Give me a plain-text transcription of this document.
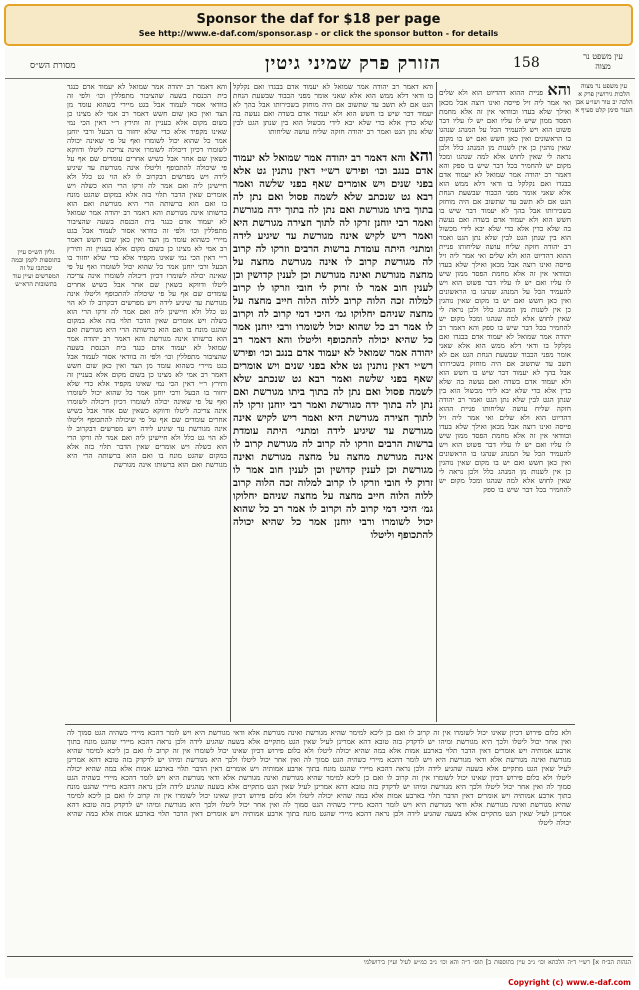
Sponsor the daf for $18 per page
See http://www.e-daf.com/sponsor.asp - or click the sponsor button - for details
מסורת הש״ס	הזורק פרק שמיני גיטין	158	עין משפט נר מצוה
גליון הש״ס עיין בתוספות לקמן ובמה שכתבו על זה המפרשים ועיין עוד בתשובות הרא״ש
והא דאמר רב יהודה אמר שמואל לא יעמוד אדם כנגד בית הכנסת בשעה שהציבור מתפללין וכו׳ ולפי זה בוודאי אסור לעמוד אבל בגט מיירי כשהוא עומד מן הצד ואין כאן שום חשש דאמר רב אמי לא מצינו כן בשום מקום אלא בעניין זה ותירץ ר״י דאין הכי נמי שאינו מקפיד אלא כדי שלא יחזור בו הבעל ורבי יוחנן אמר כל שהוא יכול לשומרו ואף על פי שאינה יכולה לשומרו דכיון דיכולה לשומרו אינה צריכה ליטלו ודווקא כשאין שם אחר אבל כשיש אחרים עומדים שם אף על פי שיכולה להתכופף וליטלו אינה מגורשת עד שיגיע לידה ויש מפרשים דבקרוב לו לא הוי גט כלל ולא חיישינן ליה ואם אמר לה זרקו הרי הוא כשלה ויש אומרים שאין הדבר תלוי בזה אלא במקום שהגט מונח בו ואם הוא ברשותה הרי היא מגורשת ואם הוא ברשותו אינה מגורשת והא דאמר רב יהודה אמר שמואל לא יעמוד אדם כנגד בית הכנסת בשעה שהציבור מתפללין וכו׳ ולפי זה בוודאי אסור לעמוד אבל בגט מיירי כשהוא עומד מן הצד ואין כאן שום חשש דאמר רב אמי לא מצינו כן בשום מקום אלא בעניין זה ותירץ ר״י דאין הכי נמי שאינו מקפיד אלא כדי שלא יחזור בו הבעל ורבי יוחנן אמר כל שהוא יכול לשומרו ואף על פי שאינה יכולה לשומרו דכיון דיכולה לשומרו אינה צריכה ליטלו ודווקא כשאין שם אחר אבל כשיש אחרים עומדים שם אף על פי שיכולה להתכופף וליטלו אינה מגורשת עד שיגיע לידה ויש מפרשים דבקרוב לו לא הוי גט כלל ולא חיישינן ליה ואם אמר לה זרקו הרי הוא כשלה ויש אומרים שאין הדבר תלוי בזה אלא במקום שהגט מונח בו ואם הוא ברשותה הרי היא מגורשת ואם הוא ברשותו אינה מגורשת והא דאמר רב יהודה אמר שמואל לא יעמוד אדם כנגד בית הכנסת בשעה שהציבור מתפללין וכו׳ ולפי זה בוודאי אסור לעמוד אבל בגט מיירי כשהוא עומד מן הצד ואין כאן שום חשש דאמר רב אמי לא מצינו כן בשום מקום אלא בעניין זה ותירץ ר״י דאין הכי נמי שאינו מקפיד אלא כדי שלא יחזור בו הבעל ורבי יוחנן אמר כל שהוא יכול לשומרו ואף על פי שאינה יכולה לשומרו דכיון דיכולה לשומרו אינה צריכה ליטלו ודווקא כשאין שם אחר אבל כשיש אחרים עומדים שם אף על פי שיכולה להתכופף וליטלו אינה מגורשת עד שיגיע לידה ויש מפרשים דבקרוב לו לא הוי גט כלל ולא חיישינן ליה ואם אמר לה זרקו הרי הוא כשלה ויש אומרים שאין הדבר תלוי בזה אלא במקום שהגט מונח בו ואם הוא ברשותה הרי היא מגורשת ואם הוא ברשותו אינה מגורשת
והא והא דאמר רב יהודה אמר שמואל לא יעמוד אדם בנגב וכו׳ ופירש רש״י דאין נותנין גט אלא בפני שנים ויש אומרים שאף בפני שלשה ואמר רבא גט שנכתב שלא לשמה פסול ואם נתן לה בתוך ביתו מגורשת ואם נתן לה בתוך ידה מגורשת ואמר רבי יוחנן זרקו לה לתוך חצירה מגורשת היא ואמר ריש לקיש אינה מגורשת עד שיגיע לידה ומתני׳ היתה עומדת ברשות הרבים וזרקו לה קרוב לה מגורשת קרוב לו אינה מגורשת מחצה על מחצה מגורשת ואינה מגורשת וכן לענין קדושין וכן לענין חוב אמר לו זרוק לי חובי וזרקו לו קרוב למלוה זכה הלוה קרוב ללוה הלוה חייב מחצה על מחצה שניהם יחלוקו גמ׳ היכי דמי קרוב לה וקרוב לו אמר רב כל שהוא יכול לשומרו ורבי יוחנן אמר כל שהיא יכולה להתכופף וליטלו והא דאמר רב יהודה אמר שמואל לא יעמוד אדם בנגב וכו׳ ופירש רש״י דאין נותנין גט אלא בפני שנים ויש אומרים שאף בפני שלשה ואמר רבא גט שנכתב שלא לשמה פסול ואם נתן לה בתוך ביתו מגורשת ואם נתן לה בתוך ידה מגורשת ואמר רבי יוחנן זרקו לה לתוך חצירה מגורשת היא ואמר ריש לקיש אינה מגורשת עד שיגיע לידה ומתני׳ היתה עומדת ברשות הרבים וזרקו לה קרוב לה מגורשת קרוב לו אינה מגורשת מחצה על מחצה מגורשת ואינה מגורשת וכן לענין קדושין וכן לענין חוב אמר לו זרוק לי חובי וזרקו לו קרוב למלוה זכה הלוה קרוב ללוה הלוה חייב מחצה על מחצה שניהם יחלוקו גמ׳ היכי דמי קרוב לה וקרוב לו אמר רב כל שהוא יכול לשומרו ורבי יוחנן אמר כל שהיא יכולה להתכופף וליטלו
והא דאמר רב יהודה אמר שמואל לא יעמוד אדם בבגדו ואם נקלקל בו ודאי דלא ממש הוא אלא שאני אומר מפני הכבוד שבשעת הנחת הגט אם לא תשב עד שתשוב אם היה מוחזק בשכירותו אבל בהך לא יעמוד דבר שיש בו חשש הוא ולא יעמוד אדם בשדה ואם נעשה בה שלא כדין אלא כדי שלא יבא לידי מכשול הוא בין שנתן הגט לבין שלא נתן הגט ואמר רב יהודה חזקה שליח עושה שליחותו
והא פניית ההוא דהדיוט הוא ולא שלים ואי אמר ליה זיל פייסה ואינו רוצה אבל מכאן ואילך שלא בעדו ובוודאי אין זה אלא מחמת הפסד ממון שיש לו עליו ואם יש לו עליו דבר פשוט הוא ויש להעמיד הכל על המנהג שנהגו בו הראשונים ואין כאן חשש ואם יש בו מקום שאין נוהגין כן אין לשנות מן המנהג כלל ולכן נראה לי שאין לחוש אלא למה שנהגו ומכל מקום יש להחמיר בכל דבר שיש בו ספק והא דאמר רב יהודה אמר שמואל לא יעמוד אדם בבגדו ואם נקלקל בו ודאי דלא ממש הוא אלא שאני אומר מפני הכבוד שבשעת הנחת הגט אם לא תשב עד שתשוב אם היה מוחזק בשכירותו אבל בהך לא יעמוד דבר שיש בו חשש הוא ולא יעמוד אדם בשדה ואם נעשה בה שלא כדין אלא כדי שלא יבא לידי מכשול הוא בין שנתן הגט לבין שלא נתן הגט ואמר רב יהודה חזקה שליח עושה שליחותו פניית ההוא דהדיוט הוא ולא שלים ואי אמר ליה זיל פייסה ואינו רוצה אבל מכאן ואילך שלא בעדו ובוודאי אין זה אלא מחמת הפסד ממון שיש לו עליו ואם יש לו עליו דבר פשוט הוא ויש להעמיד הכל על המנהג שנהגו בו הראשונים ואין כאן חשש ואם יש בו מקום שאין נוהגין כן אין לשנות מן המנהג כלל ולכן נראה לי שאין לחוש אלא למה שנהגו ומכל מקום יש להחמיר בכל דבר שיש בו ספק והא דאמר רב יהודה אמר שמואל לא יעמוד אדם בבגדו ואם נקלקל בו ודאי דלא ממש הוא אלא שאני אומר מפני הכבוד שבשעת הנחת הגט אם לא תשב עד שתשוב אם היה מוחזק בשכירותו אבל בהך לא יעמוד דבר שיש בו חשש הוא ולא יעמוד אדם בשדה ואם נעשה בה שלא כדין אלא כדי שלא יבא לידי מכשול הוא בין שנתן הגט לבין שלא נתן הגט ואמר רב יהודה חזקה שליח עושה שליחותו פניית ההוא דהדיוט הוא ולא שלים ואי אמר ליה זיל פייסה ואינו רוצה אבל מכאן ואילך שלא בעדו ובוודאי אין זה אלא מחמת הפסד ממון שיש לו עליו ואם יש לו עליו דבר פשוט הוא ויש להעמיד הכל על המנהג שנהגו בו הראשונים ואין כאן חשש ואם יש בו מקום שאין נוהגין כן אין לשנות מן המנהג כלל ולכן נראה לי שאין לחוש אלא למה שנהגו ומכל מקום יש להחמיר בכל דבר שיש בו ספק
עין משפט נר מצוה הלכות גירושין פרק א הלכה יב טור ושו״ע אבן העזר סימן קלט סעיף א
ולא כלום פירוש דכיון שאינו יכול לשומרו אין זה קרוב לו ואם כן ליכא למימר שהיא מגורשת ואינה מגורשת אלא ודאי מגורשת היא ויש לומר דהכא מיירי כשהיה הגט סמוך לה ואין אחר יכול ליטלו ולכך היא מגורשת ומיהו יש לדקדק בזה טובא דהא אמרינן לעיל שאין הגט מתקיים אלא בשעה שהגיע לידה ולכן נראה דהכא מיירי שהגט מונח בתוך ארבע אמותיה ויש אומרים דאין הדבר תלוי בארבע אמות אלא במה שהיא יכולה ליטלו ולא כלום פירוש דכיון שאינו יכול לשומרו אין זה קרוב לו ואם כן ליכא למימר שהיא מגורשת ואינה מגורשת אלא ודאי מגורשת היא ויש לומר דהכא מיירי כשהיה הגט סמוך לה ואין אחר יכול ליטלו ולכך היא מגורשת ומיהו יש לדקדק בזה טובא דהא אמרינן לעיל שאין הגט מתקיים אלא בשעה שהגיע לידה ולכן נראה דהכא מיירי שהגט מונח בתוך ארבע אמותיה ויש אומרים דאין הדבר תלוי בארבע אמות אלא במה שהיא יכולה ליטלו ולא כלום פירוש דכיון שאינו יכול לשומרו אין זה קרוב לו ואם כן ליכא למימר שהיא מגורשת ואינה מגורשת אלא ודאי מגורשת היא ויש לומר דהכא מיירי כשהיה הגט סמוך לה ואין אחר יכול ליטלו ולכך היא מגורשת ומיהו יש לדקדק בזה טובא דהא אמרינן לעיל שאין הגט מתקיים אלא בשעה שהגיע לידה ולכן נראה דהכא מיירי שהגט מונח בתוך ארבע אמותיה ויש אומרים דאין הדבר תלוי בארבע אמות אלא במה שהיא יכולה ליטלו ולא כלום פירוש דכיון שאינו יכול לשומרו אין זה קרוב לו ואם כן ליכא למימר שהיא מגורשת ואינה מגורשת אלא ודאי מגורשת היא ויש לומר דהכא מיירי כשהיה הגט סמוך לה ואין אחר יכול ליטלו ולכך היא מגורשת ומיהו יש לדקדק בזה טובא דהא אמרינן לעיל שאין הגט מתקיים אלא בשעה שהגיע לידה ולכן נראה דהכא מיירי שהגט מונח בתוך ארבע אמותיה ויש אומרים דאין הדבר תלוי בארבע אמות אלא במה שהיא יכולה ליטלו
הגהות הב״ח א] רש״י ד״ה הלכתא וכו׳ נ״ב עיין בתוספות ב] תוס׳ ד״ה והא וכו׳ נ״ב כמ״ש לעיל ועיין בירושלמי
Copyright (c) www.e-daf.com
